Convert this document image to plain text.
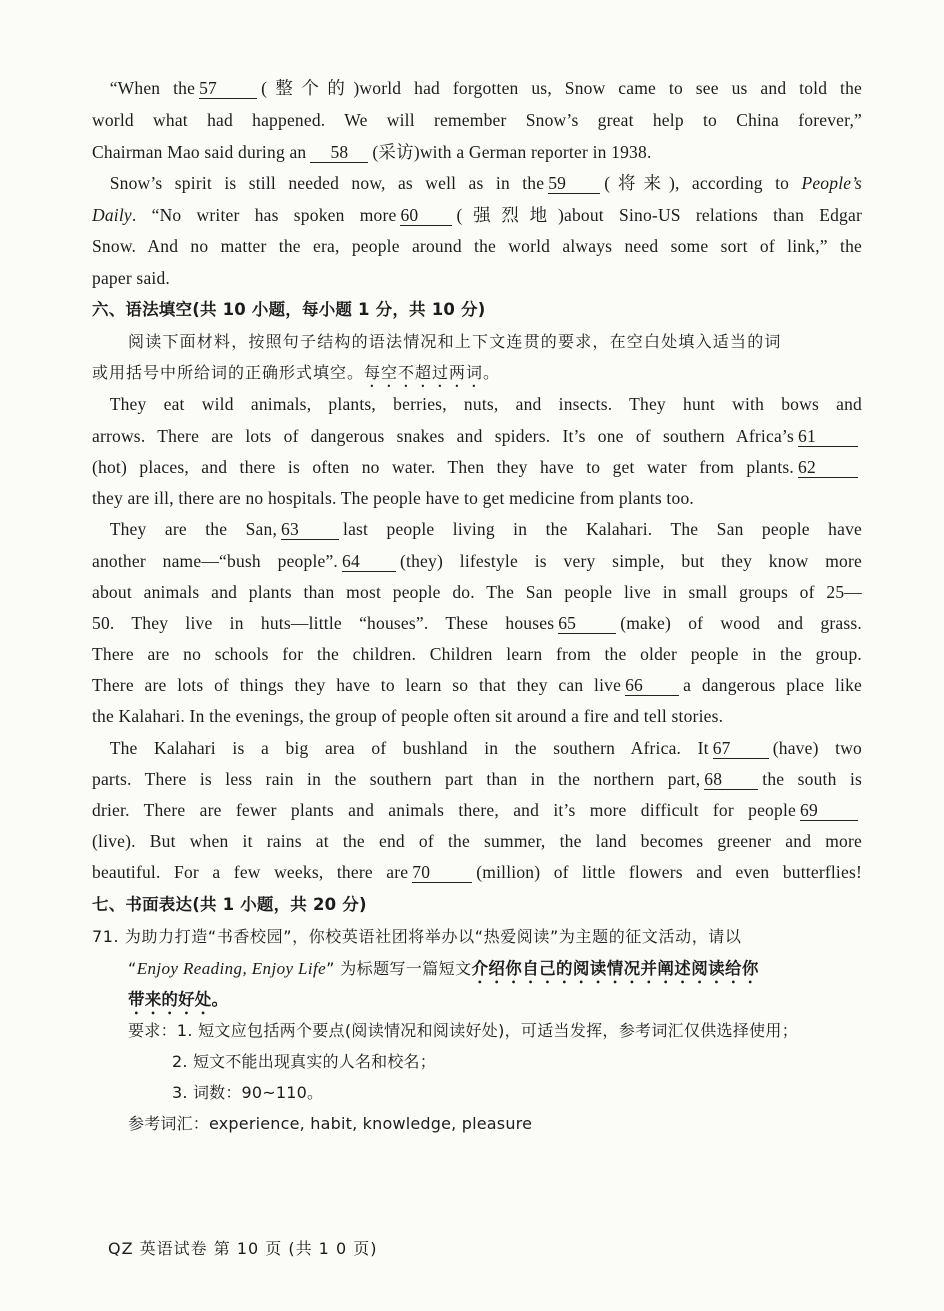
 “When the 57	(整个的)world had forgotten us, Snow came to see us and told the
world what had happened. We will remember Snow’s great help to China forever,”
Chairman Mao said during an 58 (采访)with a German reporter in 1938.
 Snow’s spirit is still needed now, as well as in the 59 (将来), according to People’s
Daily. “No writer has spoken more 60 (强烈地)about Sino-US relations than Edgar
Snow. And no matter the era, people around the world always need some sort of link,” the
paper said.
六、语法填空(共 10 小题，每小题 1 分，共 10 分)
阅读下面材料，按照句子结构的语法情况和上下文连贯的要求，在空白处填入适当的词
或用括号中所给词的正确形式填空。每空不超过两词。
 They eat wild animals, plants, berries, nuts, and insects. They hunt with bows and
arrows. There are lots of dangerous snakes and spiders. It’s one of southern Africa’s 61
(hot) places, and there is often no water. Then they have to get water from plants. 62
they are ill, there are no hospitals. The people have to get medicine from plants too.
 They are the San, 63	last people living in the Kalahari. The San people have
another name—“bush people”. 64 (they) lifestyle is very simple, but they know more
about animals and plants than most people do. The San people live in small groups of 25—
50. They live in huts—little “houses”. These houses 65	(make) of wood and grass.
There are no schools for the children. Children learn from the older people in the group.
There are lots of things they have to learn so that they can live 66 a dangerous place like
the Kalahari. In the evenings, the group of people often sit around a fire and tell stories.
 The Kalahari is a big area of bushland in the southern Africa. It 67 (have) two
parts. There is less rain in the southern part than in the northern part, 68 the south is
drier. There are fewer plants and animals there, and it’s more difficult for people 69
(live). But when it rains at the end of the summer, the land becomes greener and more
beautiful. For a few weeks, there are 70	(million) of little flowers and even butterflies!
七、书面表达(共 1 小题，共 20 分)
71. 为助力打造“书香校园”，你校英语社团将举办以“热爱阅读”为主题的征文活动，请以
“Enjoy Reading, Enjoy Life” 为标题写一篇短文介绍你自己的阅读情况并阐述阅读给你
带来的好处。
要求：1. 短文应包括两个要点(阅读情况和阅读好处)，可适当发挥，参考词汇仅供选择使用；
2. 短文不能出现真实的人名和校名；
3. 词数：90~110。
参考词汇：experience, habit, knowledge, pleasure
QZ 英语试卷 第 10 页 (共 1 0 页)
